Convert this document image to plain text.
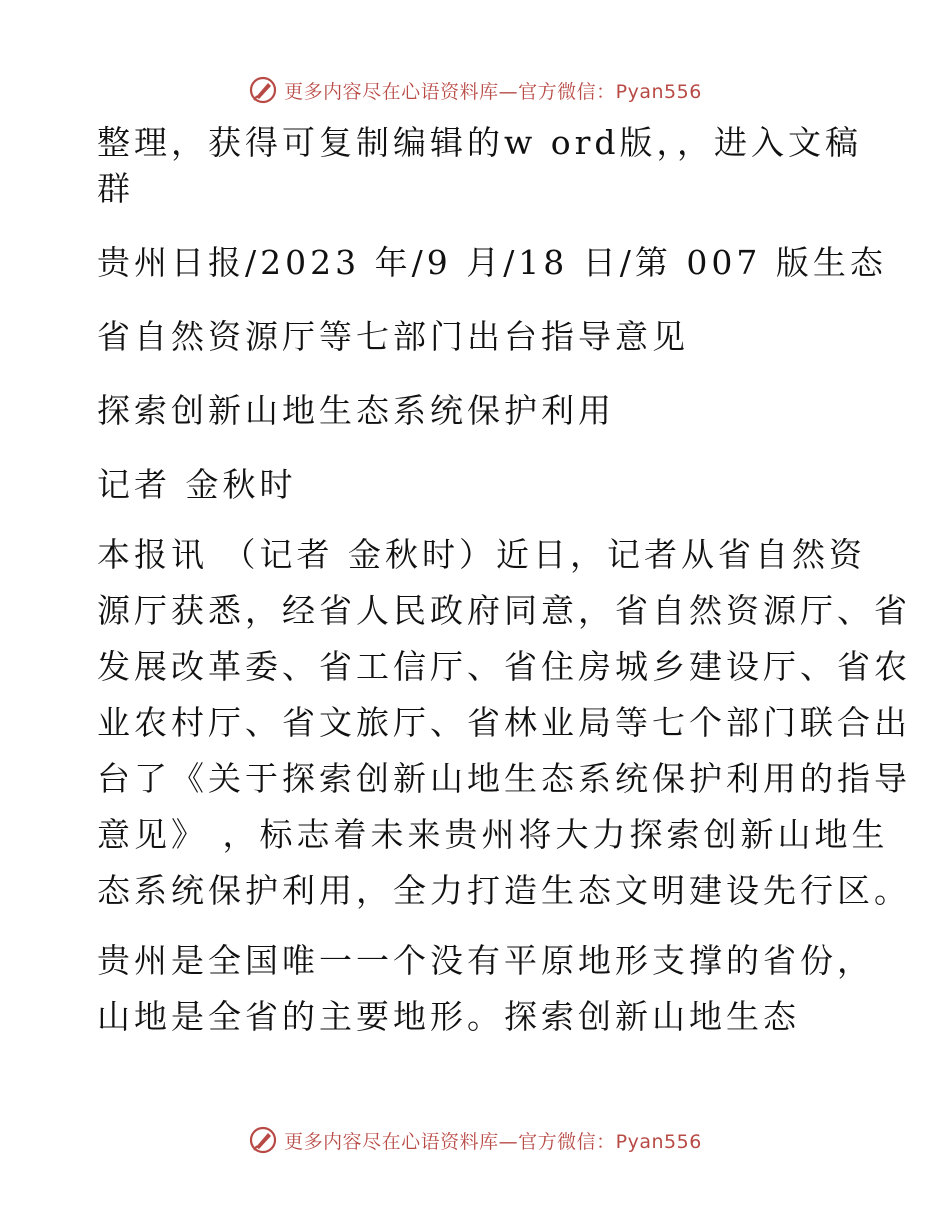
更多内容尽在心语资料库—官方微信：Pyan556

整理，获得可复制编辑的w ord版，，进入文稿

群

贵州日报/2023 年/9 月/18 日/第 007 版生态

省自然资源厅等七部门出台指导意见

探索创新山地生态系统保护利用

记者 金秋时

本报讯 （记者 金秋时）近日，记者从省自然资

源厅获悉，经省人民政府同意，省自然资源厅、省

发展改革委、省工信厅、省住房城乡建设厅、省农

业农村厅、省文旅厅、省林业局等七个部门联合出

台了《关于探索创新山地生态系统保护利用的指导

意见》 ，标志着未来贵州将大力探索创新山地生

态系统保护利用，全力打造生态文明建设先行区。

贵州是全国唯一一个没有平原地形支撑的省份，

山地是全省的主要地形。探索创新山地生态

更多内容尽在心语资料库—官方微信：Pyan556
